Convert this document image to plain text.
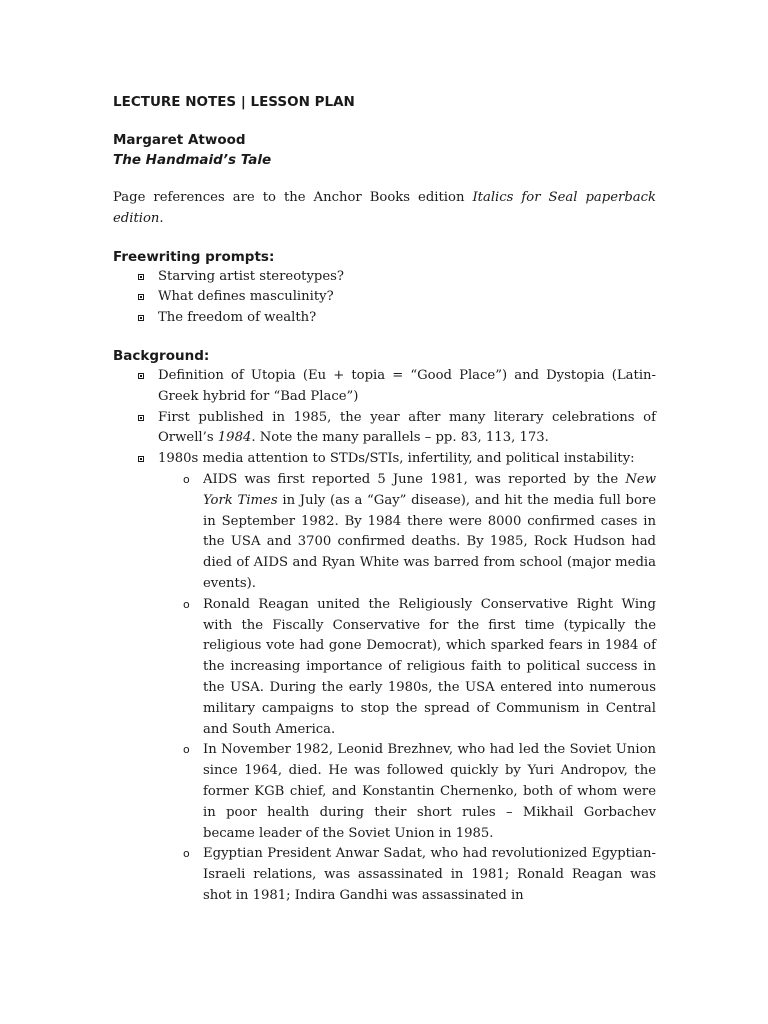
LECTURE NOTES | LESSON PLAN
Margaret Atwood
The Handmaid’s Tale
Page references are to the Anchor Books edition Italics for Seal paperback edition.
Freewriting prompts:
Starving artist stereotypes?
What defines masculinity?
The freedom of wealth?
Background:
Definition of Utopia (Eu + topia = “Good Place”) and Dystopia (Latin-Greek hybrid for “Bad Place”)
First published in 1985, the year after many literary celebrations of Orwell’s 1984. Note the many parallels – pp. 83, 113, 173.
1980s media attention to STDs/STIs, infertility, and political instability:
o AIDS was first reported 5 June 1981, was reported by the New York Times in July (as a “Gay” disease), and hit the media full bore in September 1982. By 1984 there were 8000 confirmed cases in the USA and 3700 confirmed deaths. By 1985, Rock Hudson had died of AIDS and Ryan White was barred from school (major media events).
o Ronald Reagan united the Religiously Conservative Right Wing with the Fiscally Conservative for the first time (typically the religious vote had gone Democrat), which sparked fears in 1984 of the increasing importance of religious faith to political success in the USA. During the early 1980s, the USA entered into numerous military campaigns to stop the spread of Communism in Central and South America.
o In November 1982, Leonid Brezhnev, who had led the Soviet Union since 1964, died. He was followed quickly by Yuri Andropov, the former KGB chief, and Konstantin Chernenko, both of whom were in poor health during their short rules – Mikhail Gorbachev became leader of the Soviet Union in 1985.
o Egyptian President Anwar Sadat, who had revolutionized Egyptian-Israeli relations, was assassinated in 1981; Ronald Reagan was shot in 1981; Indira Gandhi was assassinated in
